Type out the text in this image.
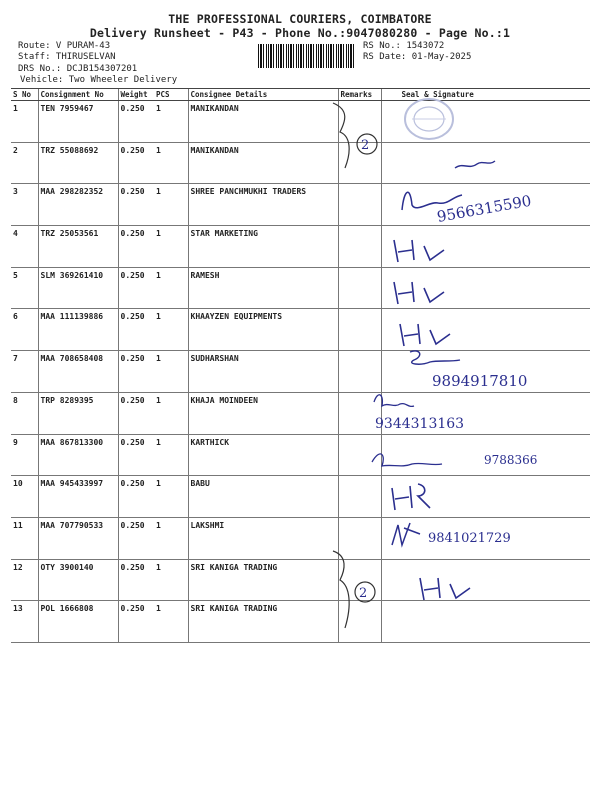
THE PROFESSIONAL COURIERS, COIMBATORE
Delivery Runsheet - P43 - Phone No.:9047080280 - Page No.:1
Route: V PURAM-43
Staff: THIRUSELVAN
DRS No.: DCJB154307201
Vehicle: Two Wheeler Delivery
RS No.: 1543072
RS Date: 01-May-2025
S No	Consignment No	Weight	PCS	Consignee Details	Remarks	Seal & Signature
1	TEN 7959467	0.250	1	MANIKANDAN		
2	TRZ 55088692	0.250	1	MANIKANDAN		
3	MAA 298282352	0.250	1	SHREE PANCHMUKHI TRADERS		
4	TRZ 25053561	0.250	1	STAR MARKETING		
5	SLM 369261410	0.250	1	RAMESH		
6	MAA 111139886	0.250	1	KHAAYZEN EQUIPMENTS		
7	MAA 708658408	0.250	1	SUDHARSHAN		
8	TRP 8289395	0.250	1	KHAJA MOINDEEN		
9	MAA 867813300	0.250	1	KARTHICK		
10	MAA 945433997	0.250	1	BABU		
11	MAA 707790533	0.250	1	LAKSHMI		
12	OTY 3900140	0.250	1	SRI KANIGA TRADING		
13	POL 1666808	0.250	1	SRI KANIGA TRADING		
2
2
9566315590
9894917810
9344313163
9788366
9841021729
